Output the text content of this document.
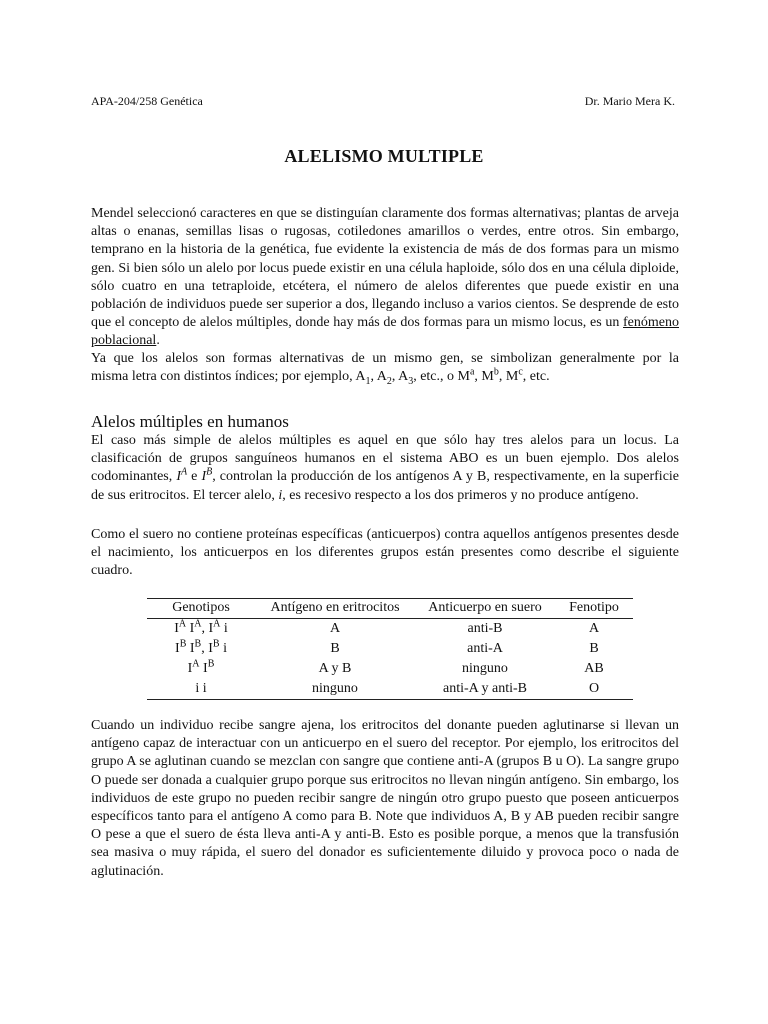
APA-204/258 Genética	Dr. Mario Mera K.
ALELISMO MULTIPLE
Mendel seleccionó caracteres en que se distinguían claramente dos formas alternativas; plantas de arveja altas o enanas, semillas lisas o rugosas, cotiledones amarillos o verdes, entre otros. Sin embargo, temprano en la historia de la genética, fue evidente la existencia de más de dos formas para un mismo gen. Si bien sólo un alelo por locus puede existir en una célula haploide, sólo dos en una célula diploide, sólo cuatro en una tetraploide, etcétera, el número de alelos diferentes que puede existir en una población de individuos puede ser superior a dos, llegando incluso a varios cientos. Se desprende de esto que el concepto de alelos múltiples, donde hay más de dos formas para un mismo locus, es un fenómeno poblacional.
Ya que los alelos son formas alternativas de un mismo gen, se simbolizan generalmente por la
misma letra con distintos índices; por ejemplo, $A_1$, $A_2$, $A_3$, etc., o $M^a$, $M^b$, $M^c$, etc.
Alelos múltiples en humanos
El caso más simple de alelos múltiples es aquel en que sólo hay tres alelos para un locus. La clasificación de grupos sanguíneos humanos en el sistema ABO es un buen ejemplo. Dos alelos codominantes, $I^A$ e $I^B$, controlan la producción de los antígenos A y B, respectivamente, en la superficie de sus eritrocitos. El tercer alelo, i, es recesivo respecto a los dos primeros y no produce antígeno.
Como el suero no contiene proteínas específicas (anticuerpos) contra aquellos antígenos presentes desde el nacimiento, los anticuerpos en los diferentes grupos están presentes como describe el siguiente cuadro.
Genotipos	Antígeno en eritrocitos	Anticuerpo en suero	Fenotipo
$I^A$ $I^A$, $I^A$ i	A	anti-B	A
$I^B$ $I^B$, $I^B$ i	B	anti-A	B
$I^A$ $I^B$	A y B	ninguno	AB
i i	ninguno	anti-A y anti-B	O
Cuando un individuo recibe sangre ajena, los eritrocitos del donante pueden aglutinarse si llevan un antígeno capaz de interactuar con un anticuerpo en el suero del receptor. Por ejemplo, los eritrocitos del grupo A se aglutinan cuando se mezclan con sangre que contiene anti-A (grupos B u O). La sangre grupo O puede ser donada a cualquier grupo porque sus eritrocitos no llevan ningún antígeno. Sin embargo, los individuos de este grupo no pueden recibir sangre de ningún otro grupo puesto que poseen anticuerpos específicos tanto para el antígeno A como para B. Note que individuos A, B y AB pueden recibir sangre O pese a que el suero de ésta lleva anti-A y anti-B. Esto es posible porque, a menos que la transfusión sea masiva o muy rápida, el suero del donador es suficientemente diluido y provoca poco o nada de aglutinación.
